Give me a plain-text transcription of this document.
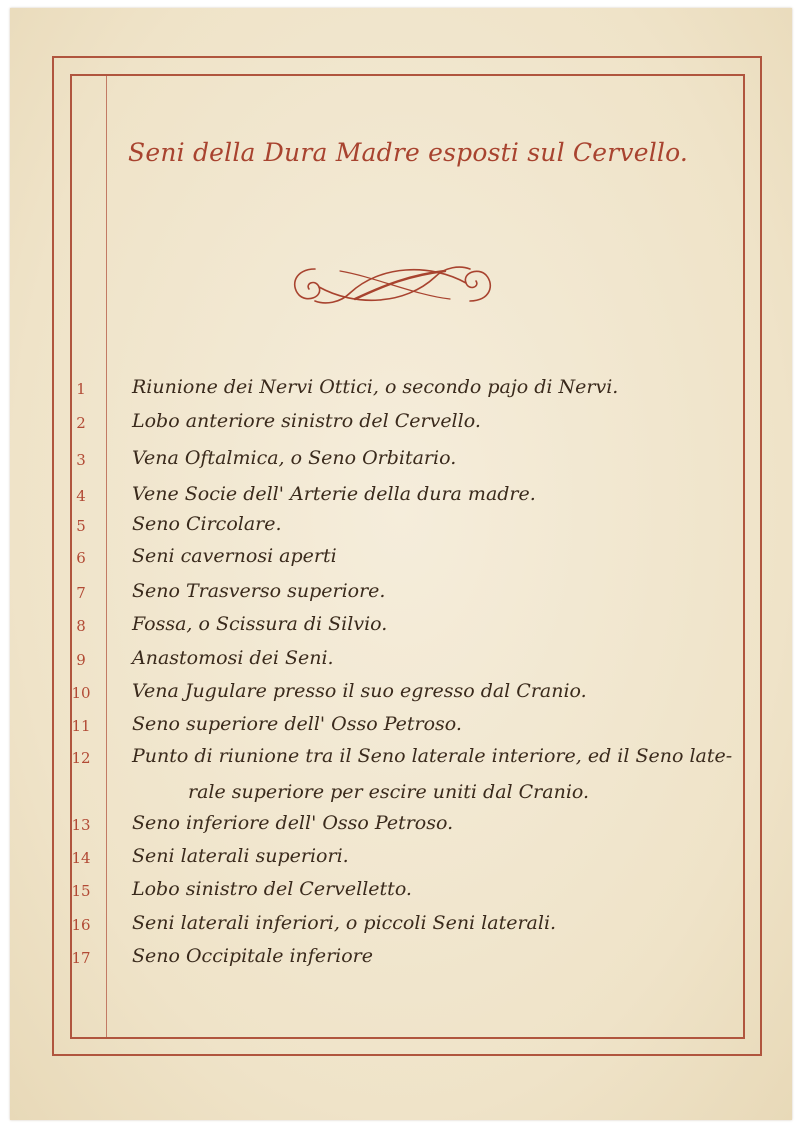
Seni della Dura Madre esposti sul Cervello.
1	Riunione dei Nervi Ottici, o secondo pajo di Nervi.
2	Lobo anteriore sinistro del Cervello.
3	Vena Oftalmica, o Seno Orbitario.
4	Vene Socie dell' Arterie della dura madre.
5	Seno Circolare.
6	Seni cavernosi aperti
7	Seno Trasverso superiore.
8	Fossa, o Scissura di Silvio.
9	Anastomosi dei Seni.
10	Vena Jugulare presso il suo egresso dal Cranio.
11	Seno superiore dell' Osso Petroso.
12	Punto di riunione tra il Seno laterale interiore, ed il Seno late-
rale superiore per escire uniti dal Cranio.
13	Seno inferiore dell' Osso Petroso.
14	Seni laterali superiori.
15	Lobo sinistro del Cervelletto.
16	Seni laterali inferiori, o piccoli Seni laterali.
17	Seno Occipitale inferiore
